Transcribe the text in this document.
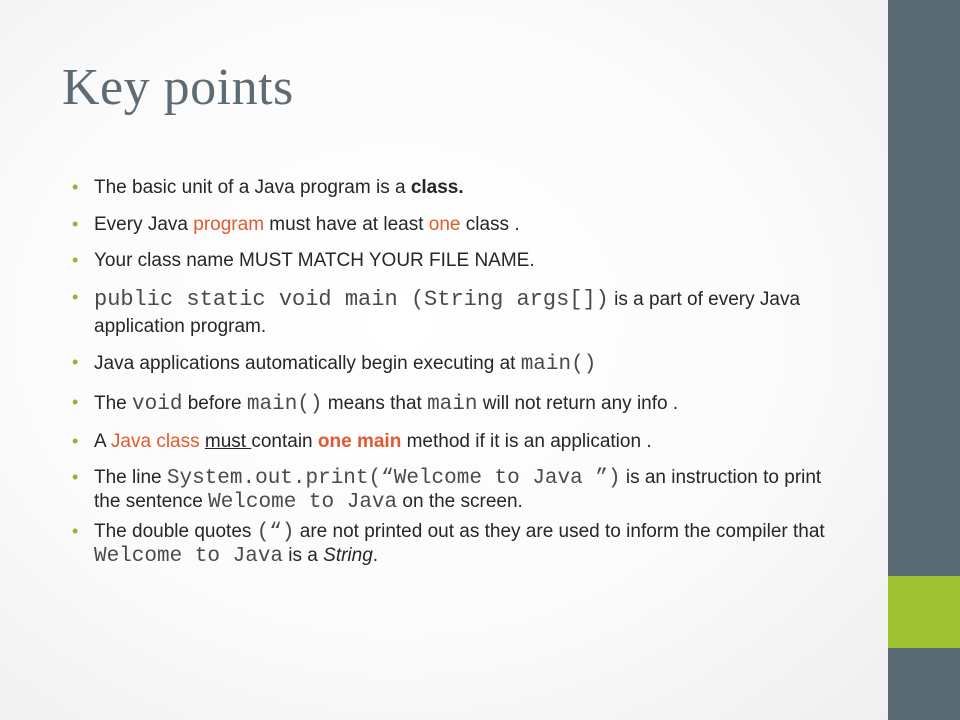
Key points
• The basic unit of a Java program is a class.
• Every Java program must have at least one class .
• Your class name MUST MATCH YOUR FILE NAME.
• public static void main (String args[]) is a part of every Java application program.
• Java applications automatically begin executing at main()
• The void before main() means that main will not return any info .
• A Java class must contain one main method if it is an application .
• The line System.out.print(“Welcome to Java ”) is an instruction to print the sentence Welcome to Java on the screen.
• The double quotes (“) are not printed out as they are used to inform the compiler that Welcome to Java is a String.
